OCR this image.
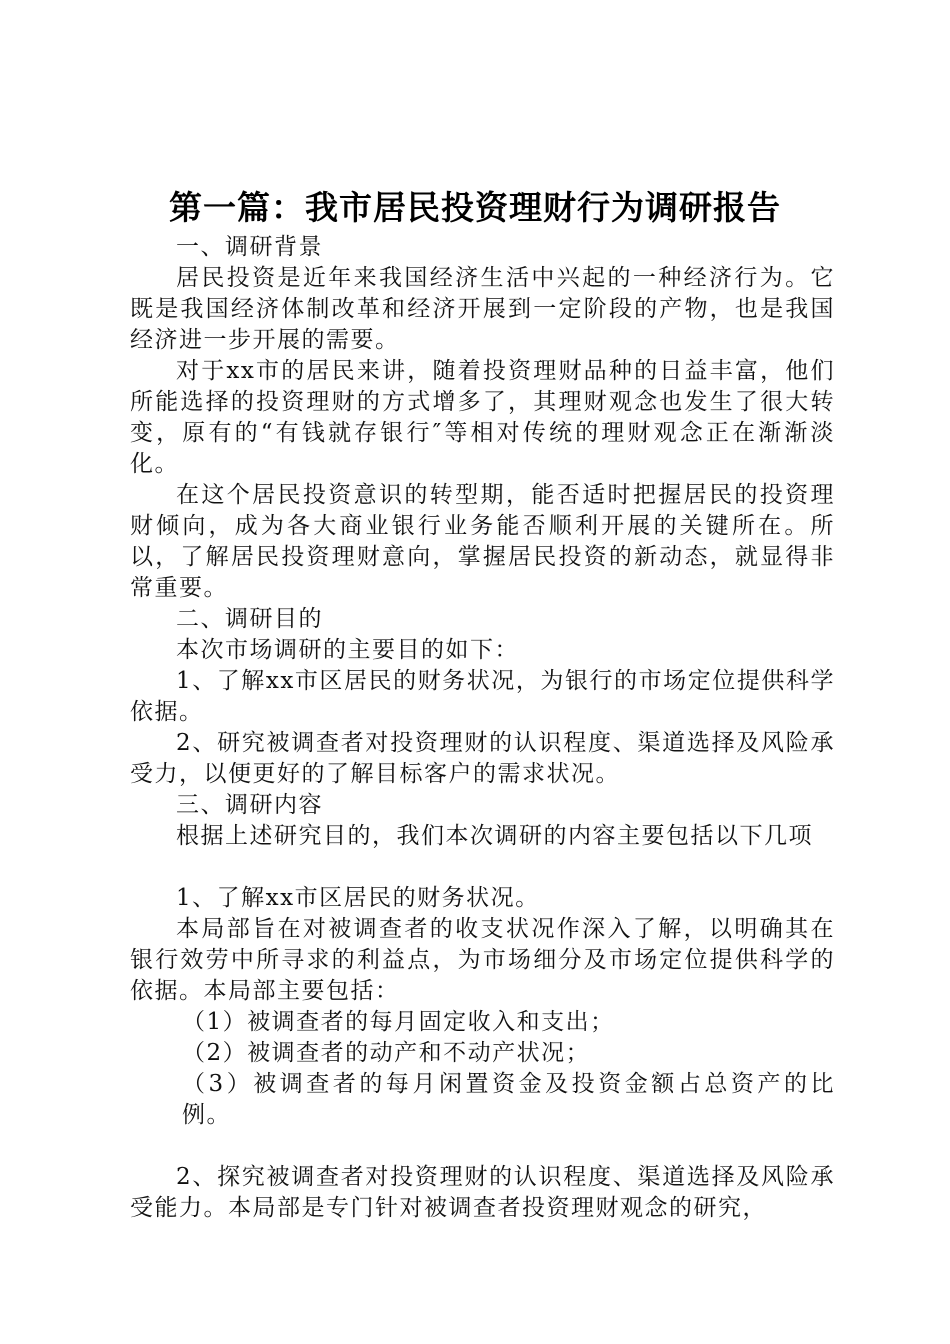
第一篇：我市居民投资理财行为调研报告

一、调研背景

居民投资是近年来我国经济生活中兴起的一种经济行为。它既是我国经济体制改革和经济开展到一定阶段的产物，也是我国经济进一步开展的需要。

对于xx市的居民来讲，随着投资理财品种的日益丰富，他们所能选择的投资理财的方式增多了，其理财观念也发生了很大转变，原有的“有钱就存银行″等相对传统的理财观念正在渐渐淡化。

在这个居民投资意识的转型期，能否适时把握居民的投资理财倾向，成为各大商业银行业务能否顺利开展的关键所在。所以，了解居民投资理财意向，掌握居民投资的新动态，就显得非常重要。

二、调研目的

本次市场调研的主要目的如下：

1、了解xx市区居民的财务状况，为银行的市场定位提供科学依据。

2、研究被调查者对投资理财的认识程度、渠道选择及风险承受力，以便更好的了解目标客户的需求状况。

三、调研内容

根据上述研究目的，我们本次调研的内容主要包括以下几项

1、了解xx市区居民的财务状况。

本局部旨在对被调查者的收支状况作深入了解，以明确其在银行效劳中所寻求的利益点，为市场细分及市场定位提供科学的依据。本局部主要包括：

（1）被调查者的每月固定收入和支出；

（2）被调查者的动产和不动产状况；

（3）被调查者的每月闲置资金及投资金额占总资产的比例。

2、探究被调查者对投资理财的认识程度、渠道选择及风险承受能力。本局部是专门针对被调查者投资理财观念的研究，
